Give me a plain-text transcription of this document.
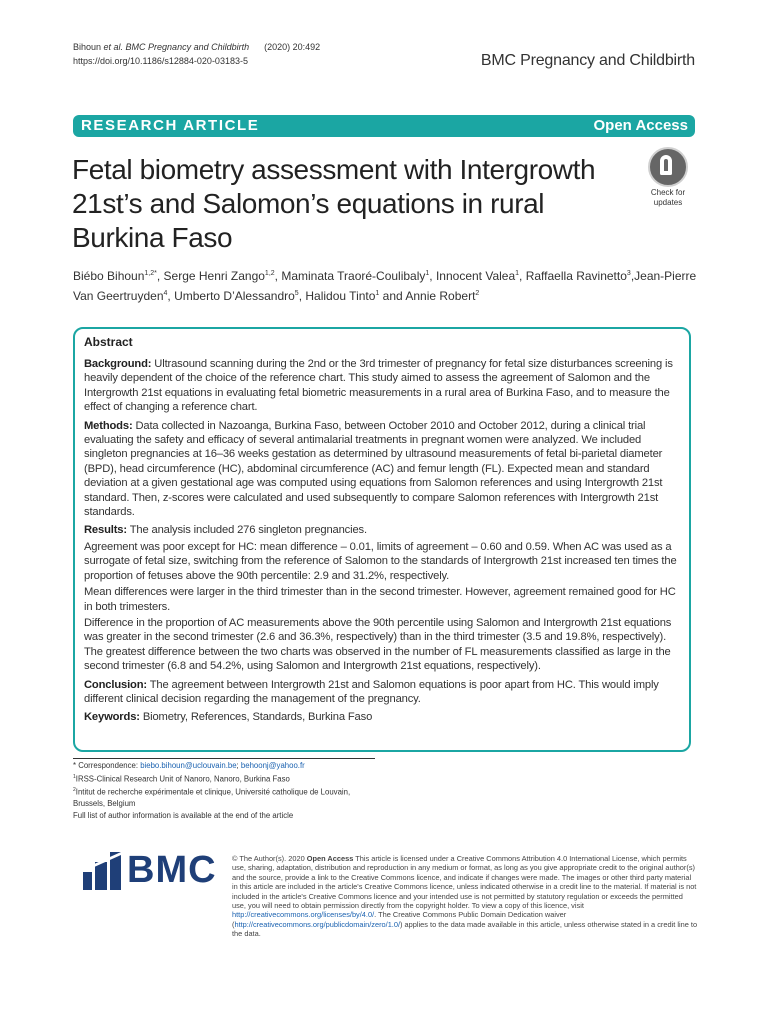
Bihoun et al. BMC Pregnancy and Childbirth (2020) 20:492
https://doi.org/10.1186/s12884-020-03183-5	BMC Pregnancy and Childbirth
RESEARCH ARTICLE	Open Access
Fetal biometry assessment with Intergrowth 21st’s and Salomon’s equations in rural Burkina Faso
Check for
updates
Biébo Bihoun$^{1,2*}$, Serge Henri Zango$^{1,2}$, Maminata Traoré-Coulibaly$^1$, Innocent Valea$^1$, Raffaella Ravinetto$^3$,Jean-Pierre Van Geertruyden$^4$, Umberto D’Alessandro$^5$, Halidou Tinto$^1$ and Annie Robert$^2$
Abstract

Background: Ultrasound scanning during the 2nd or the 3rd trimester of pregnancy for fetal size disturbances screening is heavily dependent of the choice of the reference chart. This study aimed to assess the agreement of Salomon and the Intergrowth 21st equations in evaluating fetal biometric measurements in a rural area of Burkina Faso, and to measure the effect of changing a reference chart.

Methods: Data collected in Nazoanga, Burkina Faso, between October 2010 and October 2012, during a clinical trial evaluating the safety and efficacy of several antimalarial treatments in pregnant women were analyzed. We included singleton pregnancies at 16–36 weeks gestation as determined by ultrasound measurements of fetal bi-parietal diameter (BPD), head circumference (HC), abdominal circumference (AC) and femur length (FL). Expected mean and standard deviation at a given gestational age was computed using equations from Salomon references and using Intergrowth 21st standard. Then, z-scores were calculated and used subsequently to compare Salomon references with Intergrowth 21st standards.

Results: The analysis included 276 singleton pregnancies.

Agreement was poor except for HC: mean difference – 0.01, limits of agreement – 0.60 and 0.59. When AC was used as a surrogate of fetal size, switching from the reference of Salomon to the standards of Intergrowth 21st increased ten times the proportion of fetuses above the 90th percentile: 2.9 and 31.2%, respectively.

Mean differences were larger in the third trimester than in the second trimester. However, agreement remained good for HC in both trimesters.

Difference in the proportion of AC measurements above the 90th percentile using Salomon and Intergrowth 21st equations was greater in the second trimester (2.6 and 36.3%, respectively) than in the third trimester (3.5 and 19.8%, respectively). The greatest difference between the two charts was observed in the number of FL measurements classified as large in the second trimester (6.8 and 54.2%, using Salomon and Intergrowth 21st equations, respectively).

Conclusion: The agreement between Intergrowth 21st and Salomon equations is poor apart from HC. This would imply different clinical decision regarding the management of the pregnancy.

Keywords: Biometry, References, Standards, Burkina Faso

* Correspondence: biebo.bihoun@uclouvain.be; behoonj@yahoo.fr
$^1$IRSS-Clinical Research Unit of Nanoro, Nanoro, Burkina Faso
$^2$Intitut de recherche expérimentale et clinique, Université catholique de Louvain, Brussels, Belgium
Full list of author information is available at the end of the article
BMC © The Author(s). 2020 Open Access This article is licensed under a Creative Commons Attribution 4.0 International License, which permits use, sharing, adaptation, distribution and reproduction in any medium or format, as long as you give appropriate credit to the original author(s) and the source, provide a link to the Creative Commons licence, and indicate if changes were made. The images or other third party material in this article are included in the article's Creative Commons licence, unless indicated otherwise in a credit line to the material. If material is not included in the article's Creative Commons licence and your intended use is not permitted by statutory regulation or exceeds the permitted use, you will need to obtain permission directly from the copyright holder. To view a copy of this licence, visit http://creativecommons.org/licenses/by/4.0/. The Creative Commons Public Domain Dedication waiver (http://creativecommons.org/publicdomain/zero/1.0/) applies to the data made available in this article, unless otherwise stated in a credit line to the data.
